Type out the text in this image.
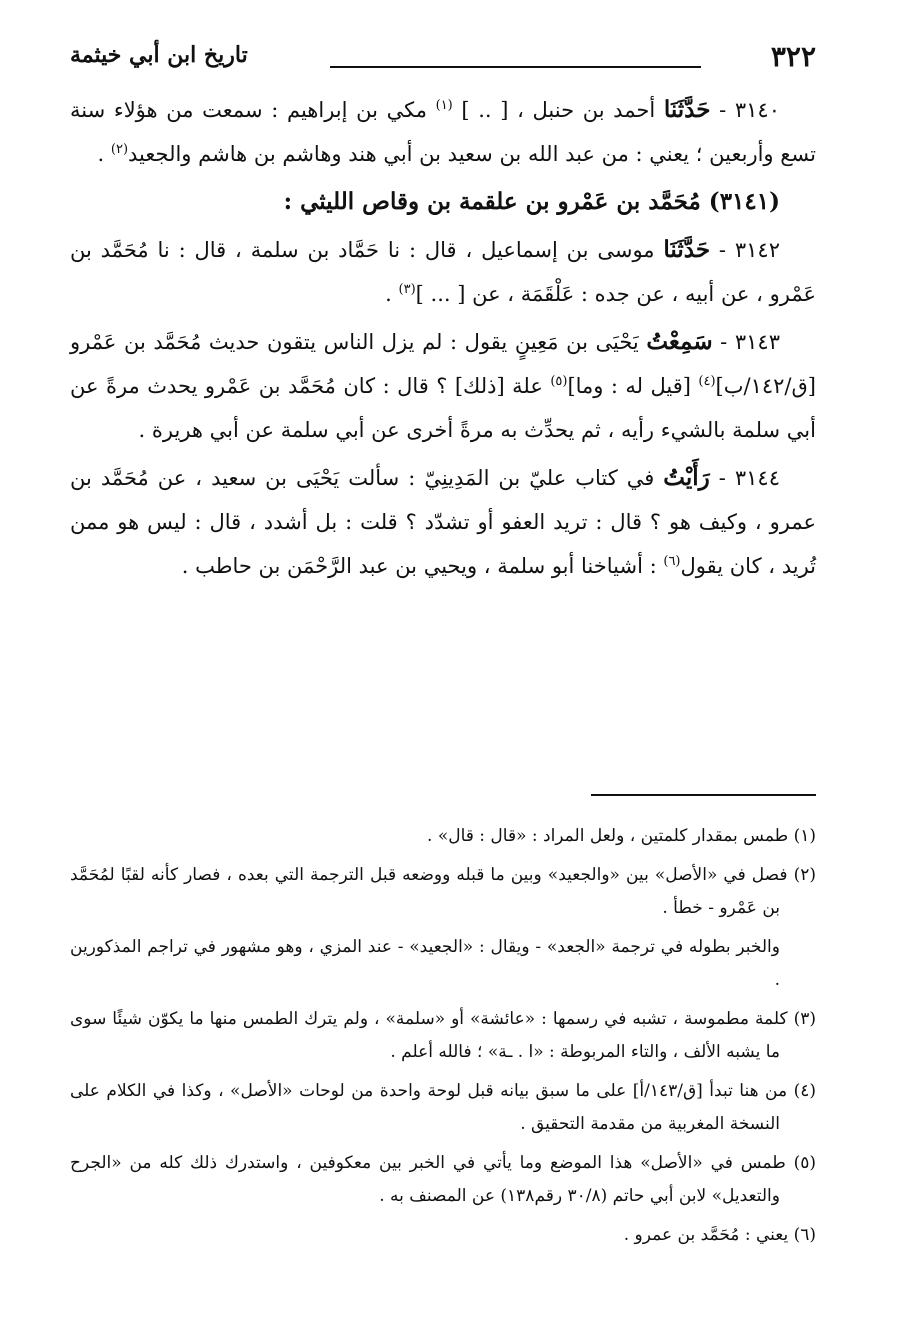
٣٢٢
تاريخ ابن أبي خيثمة

٣١٤٠ - حَدَّثَنَا أحمد بن حنبل ، [ .. ] $^{(١)}$ مكي بن إبراهيم : سمعت من هؤلاء سنة تسع وأربعين ؛ يعني : من عبد الله بن سعيد بن أبي هند وهاشم بن هاشم والجعيد$^{(٢)}$ .

(٣١٤١) مُحَمَّد بن عَمْرو بن علقمة بن وقاص الليثي :

٣١٤٢ - حَدَّثَنَا موسى بن إسماعيل ، قال : نا حَمَّاد بن سلمة ، قال : نا مُحَمَّد بن عَمْرو ، عن أبيه ، عن جده : عَلْقَمَة ، عن [ ... ]$^{(٣)}$ .

٣١٤٣ - سَمِعْتُ يَحْيَى بن مَعِينٍ يقول : لم يزل الناس يتقون حديث مُحَمَّد بن عَمْرو [ق/١٤٢/ب]$^{(٤)}$ [قيل له : وما]$^{(٥)}$ علة [ذلك] ؟ قال : كان مُحَمَّد بن عَمْرو يحدث مرةً عن أبي سلمة بالشيء رأيه ، ثم يحدِّث به مرةً أخرى عن أبي سلمة عن أبي هريرة .

٣١٤٤ - رَأَيْتُ في كتاب عليّ بن المَدِينِيّ : سألت يَحْيَى بن سعيد ، عن مُحَمَّد بن عمرو ، وكيف هو ؟ قال : تريد العفو أو تشدّد ؟ قلت : بل أشدد ، قال : ليس هو ممن تُريد ، كان يقول$^{(٦)}$ : أشياخنا أبو سلمة ، ويحيي بن عبد الرَّحْمَن بن حاطب .

(١) طمس بمقدار كلمتين ، ولعل المراد : «قال : قال» .

(٢) فصل في «الأصل» بين «والجعيد» وبين ما قبله ووضعه قبل الترجمة التي بعده ، فصار كأنه لقبًا لمُحَمَّد بن عَمْرو - خطأ .

والخبر بطوله في ترجمة «الجعد» - ويقال : «الجعيد» - عند المزي ، وهو مشهور في تراجم المذكورين .

(٣) كلمة مطموسة ، تشبه في رسمها : «عائشة» أو «سلمة» ، ولم يترك الطمس منها ما يكوّن شيئًا سوى ما يشبه الألف ، والتاء المربوطة : «ا . ـة» ؛ فالله أعلم .

(٤) من هنا تبدأ [ق/١٤٣/أ] على ما سبق بيانه قبل لوحة واحدة من لوحات «الأصل» ، وكذا في الكلام على النسخة المغربية من مقدمة التحقيق .

(٥) طمس في «الأصل» هذا الموضع وما يأتي في الخبر بين معكوفين ، واستدرك ذلك كله من «الجرح والتعديل» لابن أبي حاتم (٣٠/٨ رقم١٣٨) عن المصنف به .

(٦) يعني : مُحَمَّد بن عمرو .
